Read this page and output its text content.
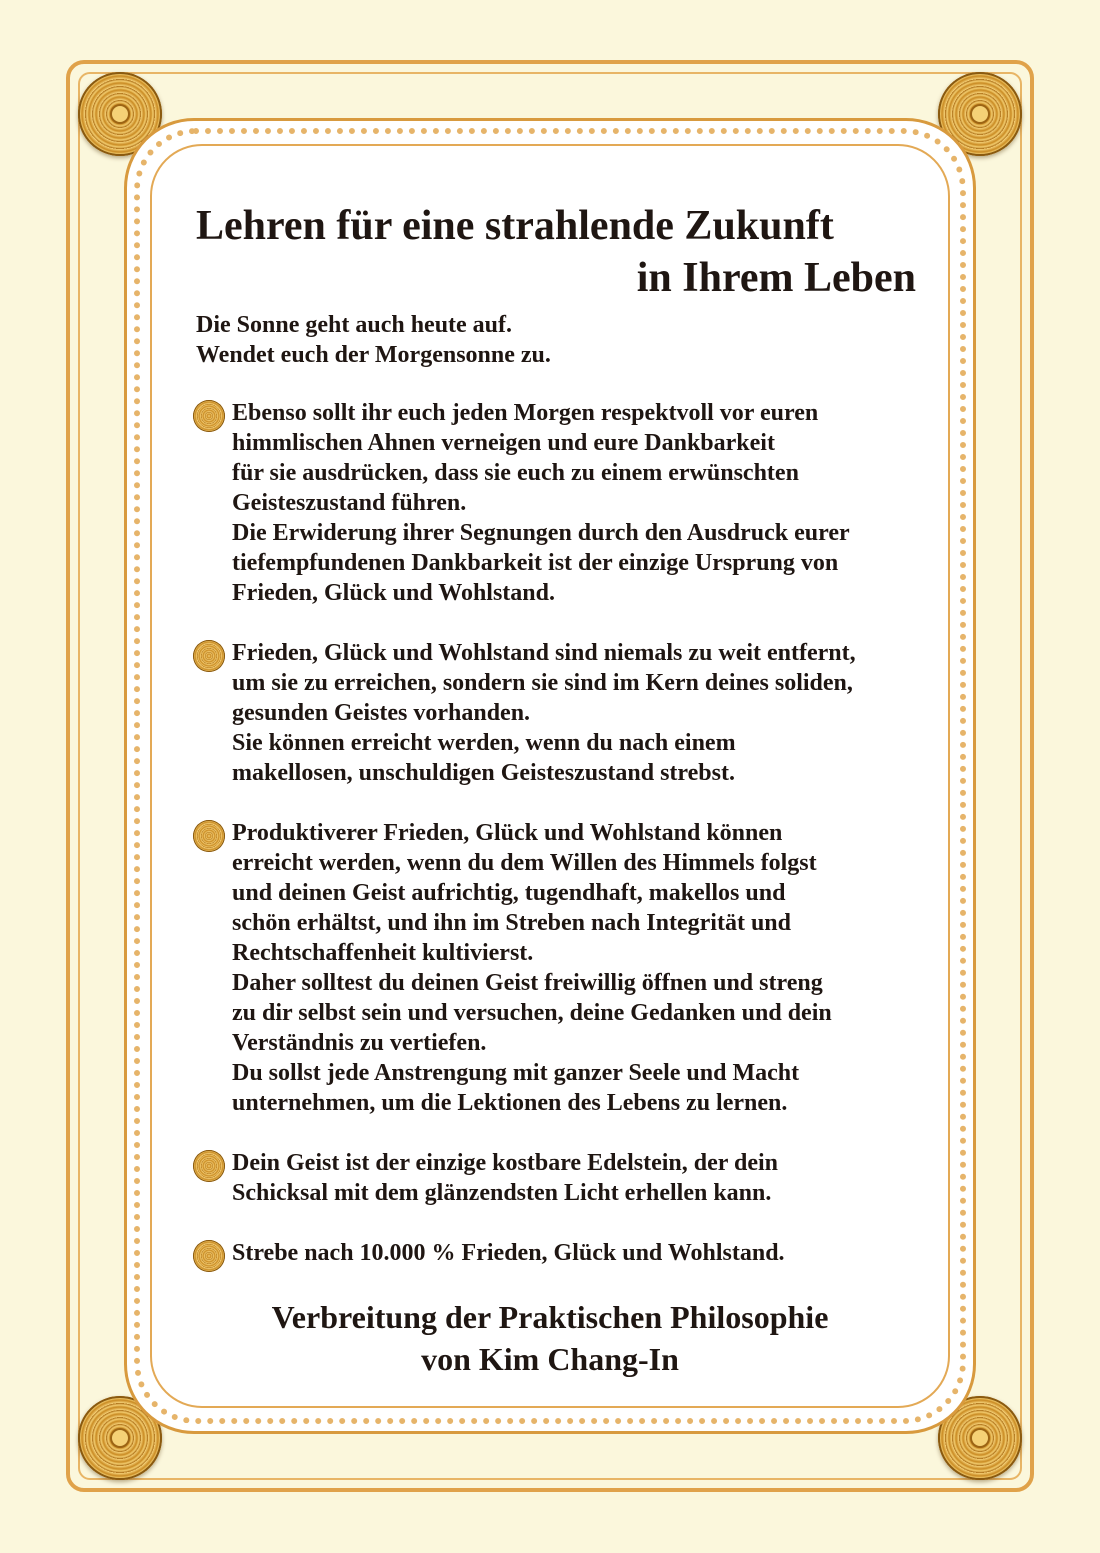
Lehren für eine strahlende Zukunft
in Ihrem Leben
Die Sonne geht auch heute auf.
Wendet euch der Morgensonne zu.
Ebenso sollt ihr euch jeden Morgen respektvoll vor euren
himmlischen Ahnen verneigen und eure Dankbarkeit
für sie ausdrücken, dass sie euch zu einem erwünschten
Geisteszustand führen.
Die Erwiderung ihrer Segnungen durch den Ausdruck eurer
tiefempfundenen Dankbarkeit ist der einzige Ursprung von
Frieden, Glück und Wohlstand.
Frieden, Glück und Wohlstand sind niemals zu weit entfernt,
um sie zu erreichen, sondern sie sind im Kern deines soliden,
gesunden Geistes vorhanden.
Sie können erreicht werden, wenn du nach einem
makellosen, unschuldigen Geisteszustand strebst.
Produktiverer Frieden, Glück und Wohlstand können
erreicht werden, wenn du dem Willen des Himmels folgst
und deinen Geist aufrichtig, tugendhaft, makellos und
schön erhältst, und ihn im Streben nach Integrität und
Rechtschaffenheit kultivierst.
Daher solltest du deinen Geist freiwillig öffnen und streng
zu dir selbst sein und versuchen, deine Gedanken und dein
Verständnis zu vertiefen.
Du sollst jede Anstrengung mit ganzer Seele und Macht
unternehmen, um die Lektionen des Lebens zu lernen.
Dein Geist ist der einzige kostbare Edelstein, der dein
Schicksal mit dem glänzendsten Licht erhellen kann.
Strebe nach 10.000 % Frieden, Glück und Wohlstand.
Verbreitung der Praktischen Philosophie
von Kim Chang-In
